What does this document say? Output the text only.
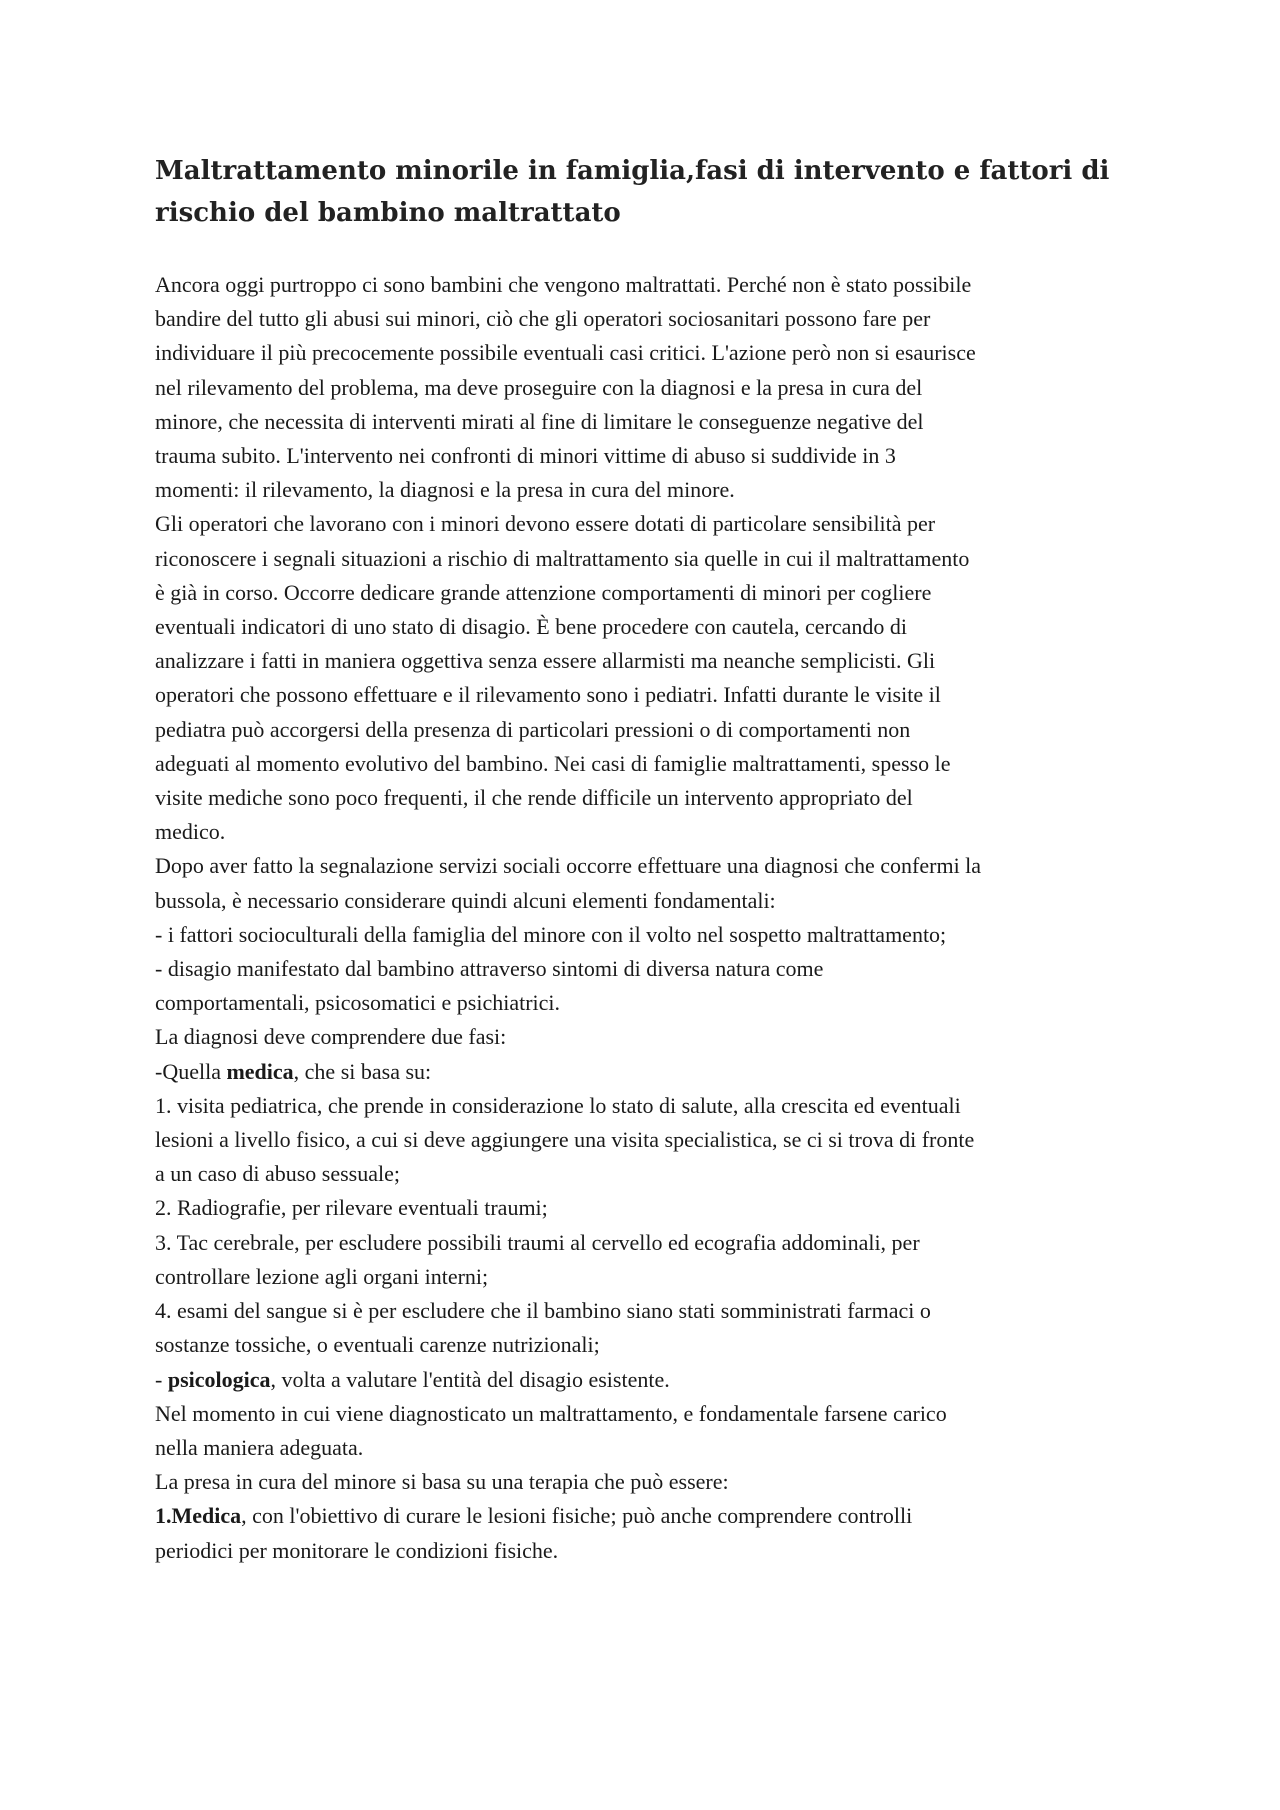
Maltrattamento minorile in famiglia,fasi di intervento e fattori di
rischio del bambino maltrattato

Ancora oggi purtroppo ci sono bambini che vengono maltrattati. Perché non è stato possibile
bandire del tutto gli abusi sui minori, ciò che gli operatori sociosanitari possono fare per
individuare il più precocemente possibile eventuali casi critici. L'azione però non si esaurisce
nel rilevamento del problema, ma deve proseguire con la diagnosi e la presa in cura del
minore, che necessita di interventi mirati al fine di limitare le conseguenze negative del
trauma subito. L'intervento nei confronti di minori vittime di abuso si suddivide in 3
momenti: il rilevamento, la diagnosi e la presa in cura del minore.

Gli operatori che lavorano con i minori devono essere dotati di particolare sensibilità per
riconoscere i segnali situazioni a rischio di maltrattamento sia quelle in cui il maltrattamento
è già in corso. Occorre dedicare grande attenzione comportamenti di minori per cogliere
eventuali indicatori di uno stato di disagio. È bene procedere con cautela, cercando di
analizzare i fatti in maniera oggettiva senza essere allarmisti ma neanche semplicisti. Gli
operatori che possono effettuare e il rilevamento sono i pediatri. Infatti durante le visite il
pediatra può accorgersi della presenza di particolari pressioni o di comportamenti non
adeguati al momento evolutivo del bambino. Nei casi di famiglie maltrattamenti, spesso le
visite mediche sono poco frequenti, il che rende difficile un intervento appropriato del
medico.

Dopo aver fatto la segnalazione servizi sociali occorre effettuare una diagnosi che confermi la
bussola, è necessario considerare quindi alcuni elementi fondamentali:
- i fattori socioculturali della famiglia del minore con il volto nel sospetto maltrattamento;
- disagio manifestato dal bambino attraverso sintomi di diversa natura come
comportamentali, psicosomatici e psichiatrici.
La diagnosi deve comprendere due fasi:
-Quella medica, che si basa su:

1. visita pediatrica, che prende in considerazione lo stato di salute, alla crescita ed eventuali
lesioni a livello fisico, a cui si deve aggiungere una visita specialistica, se ci si trova di fronte
a un caso di abuso sessuale;
2. Radiografie, per rilevare eventuali traumi;
3. Tac cerebrale, per escludere possibili traumi al cervello ed ecografia addominali, per
controllare lezione agli organi interni;
4. esami del sangue si è per escludere che il bambino siano stati somministrati farmaci o
sostanze tossiche, o eventuali carenze nutrizionali;
- psicologica, volta a valutare l'entità del disagio esistente.

Nel momento in cui viene diagnosticato un maltrattamento, e fondamentale farsene carico
nella maniera adeguata.
La presa in cura del minore si basa su una terapia che può essere:
1.Medica, con l'obiettivo di curare le lesioni fisiche; può anche comprendere controlli
periodici per monitorare le condizioni fisiche.
